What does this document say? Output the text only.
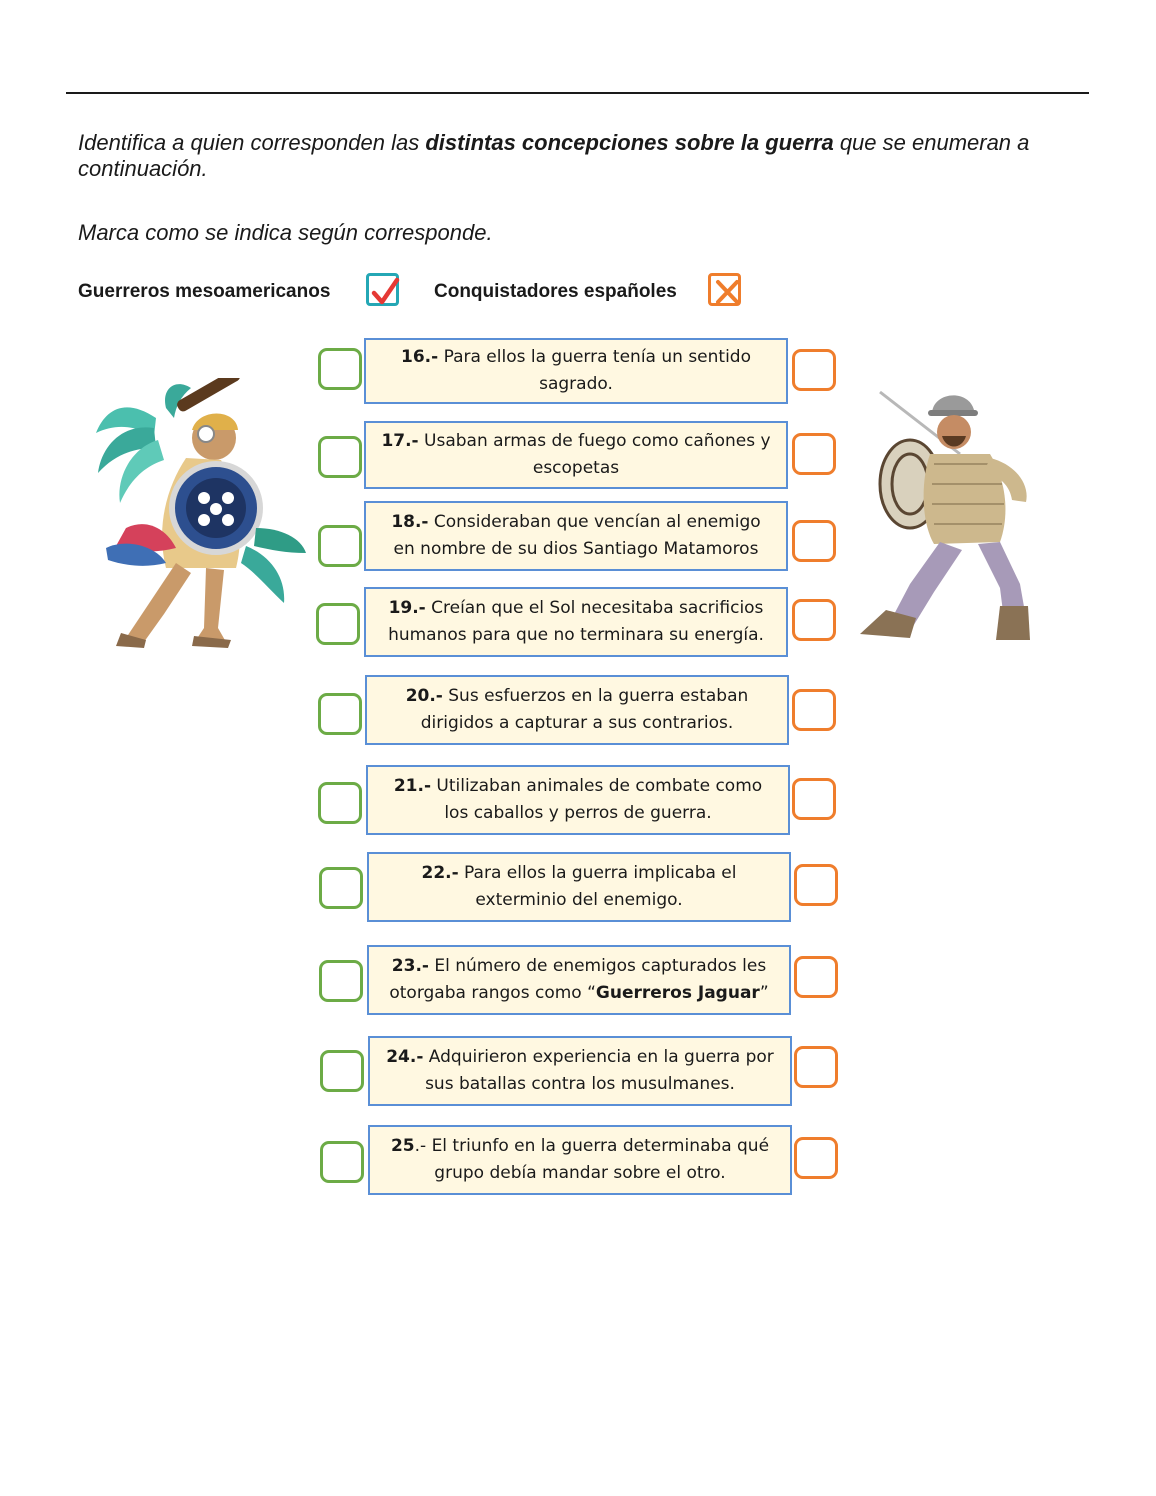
Identifica a quien corresponden las distintas concepciones sobre la guerra que se enumeran a continuación.
Marca como se indica según corresponde.
Guerreros mesoamericanos	Conquistadores españoles
16.- Para ellos la guerra tenía un sentido sagrado.
17.- Usaban armas de fuego como cañones y escopetas
18.- Consideraban que vencían al enemigo en nombre de su dios Santiago Matamoros
19.- Creían que el Sol necesitaba sacrificios humanos para que no terminara su energía.
20.- Sus esfuerzos en la guerra estaban dirigidos a capturar a sus contrarios.
21.- Utilizaban animales de combate como los caballos y perros de guerra.
22.- Para ellos la guerra implicaba el exterminio del enemigo.
23.- El número de enemigos capturados les otorgaba rangos como “Guerreros Jaguar”
24.- Adquirieron experiencia en la guerra por sus batallas contra los musulmanes.
25.- El triunfo en la guerra determinaba qué grupo debía mandar sobre el otro.
